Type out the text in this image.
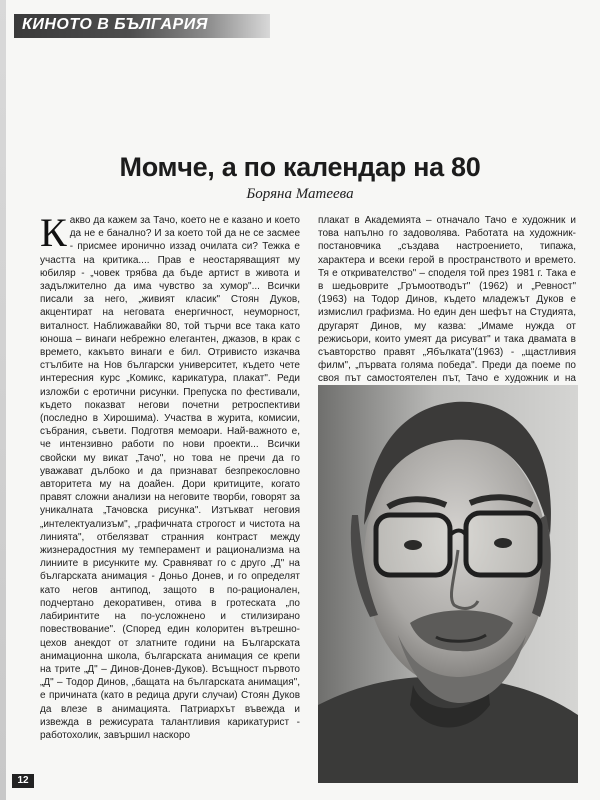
КИНОТО В БЪЛГАРИЯ
Момче, а по календар на 80
Боряна Матеева

Какво да кажем за Тачо, което не е казано и което да не е банално? И за което той да не се засмее - присмее иронично иззад очилата си? Тежка е участта на критика.... Прав е неостаряващият му юбиляр - „човек трябва да бъде артист в живота и задължително да има чувство за хумор"... Всички писали за него, „живият класик" Стоян Дуков, акцентират на неговата енергичност, неуморност, виталност. Наближавайки 80, той търчи все така като юноша – винаги небрежно елегантен, джазов, в крак с времето, какъвто винаги е бил. Отривисто изкачва стълбите на Нов български университет, където чете интересния курс „Комикс, карикатура, плакат". Реди изложби с еротични рисунки. Препуска по фестивали, където показват негови почетни ретроспективи (последно в Хирошима). Участва в журита, комисии, събрания, съвети. Подготвя мемоари. Най-важното е, че интензивно работи по нови проекти... Всички свойски му викат „Тачо", но това не пречи да го уважават дълбоко и да признават безпрекословно авторитета му на доайен. Дори критиците, когато правят сложни анализи на неговите творби, говорят за уникалната „Тачовска рисунка". Изтъкват неговия „интелектуализъм", „графичната строгост и чистота на линията", отбелязват странния контраст между жизнерадостния му темперамент и рационализма на линиите в рисунките му. Сравняват го с друго „Д" на българската анимация - Доньо Донев, и го определят като негов антипод, защото в по-рационален, подчертано декоративен, отива в гротеската „по лабиринтите на по-усложнено и стилизирано повествование". (Според един колоритен вътрешно-цехов анекдот от златните години на Българската анимационна школа, българската анимация се крепи на трите „Д" – Динов-Донев-Дуков). Всъщност първото „Д" – Тодор Динов, „бащата на българската анимация", е причината (като в редица други случаи) Стоян Дуков да влезе в анимацията. Патриархът въвежда и извежда в режисурата талантливия карикатурист - работохолик, завършил наскоро

плакат в Академията – отначало Тачо е художник и това напълно го задоволява. Работата на художник-постановчика „създава настроението, типажа, характера и всеки герой в пространството и времето. Тя е откривателство" – споделя той през 1981 г. Така е в шедьоврите „Гръмоотводът" (1962) и „Ревност" (1963) на Тодор Динов, където младежът Дуков е измислил графизма. Но един ден шефът на Студията, другарят Динов, му казва: „Имаме нужда от режисьори, които умеят да рисуват" и така двамата в съавторство правят „Ябълката"(1963) - „щастливия филм", „първата голяма победа". Преди да поеме по своя път самостоятелен път, Тачо е художник и на

12
